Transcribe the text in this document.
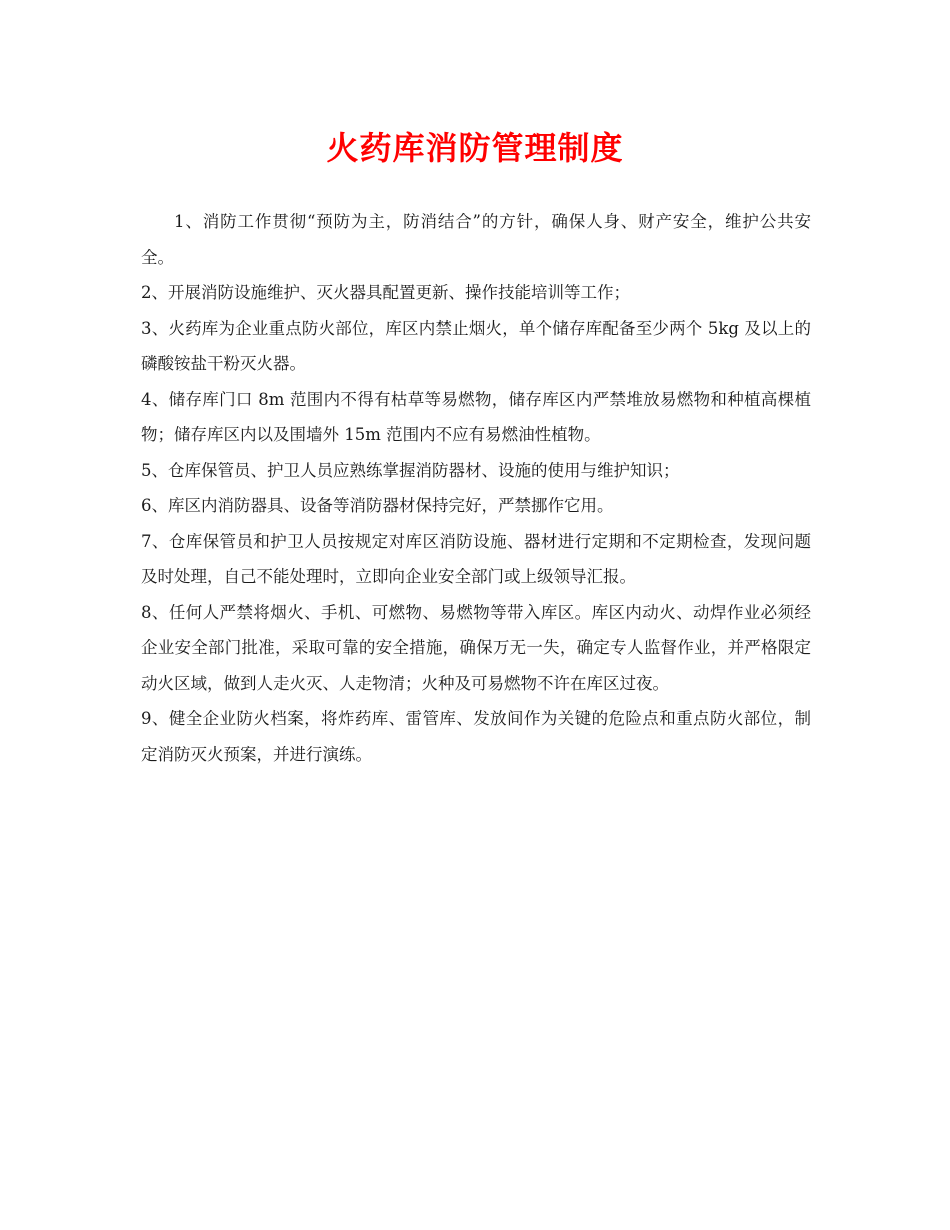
火药库消防管理制度

1、消防工作贯彻“预防为主，防消结合”的方针，确保人身、财产安全，维护公共安全。

2、开展消防设施维护、灭火器具配置更新、操作技能培训等工作；

3、火药库为企业重点防火部位，库区内禁止烟火，单个储存库配备至少两个 5kg 及以上的磷酸铵盐干粉灭火器。

4、储存库门口 8m 范围内不得有枯草等易燃物，储存库区内严禁堆放易燃物和种植高棵植物；储存库区内以及围墙外 15m 范围内不应有易燃油性植物。

5、仓库保管员、护卫人员应熟练掌握消防器材、设施的使用与维护知识；

6、库区内消防器具、设备等消防器材保持完好，严禁挪作它用。

7、仓库保管员和护卫人员按规定对库区消防设施、器材进行定期和不定期检查，发现问题及时处理，自己不能处理时，立即向企业安全部门或上级领导汇报。

8、任何人严禁将烟火、手机、可燃物、易燃物等带入库区。库区内动火、动焊作业必须经企业安全部门批准，采取可靠的安全措施，确保万无一失，确定专人监督作业，并严格限定动火区域，做到人走火灭、人走物清；火种及可易燃物不许在库区过夜。

9、健全企业防火档案，将炸药库、雷管库、发放间作为关键的危险点和重点防火部位，制定消防灭火预案，并进行演练。
